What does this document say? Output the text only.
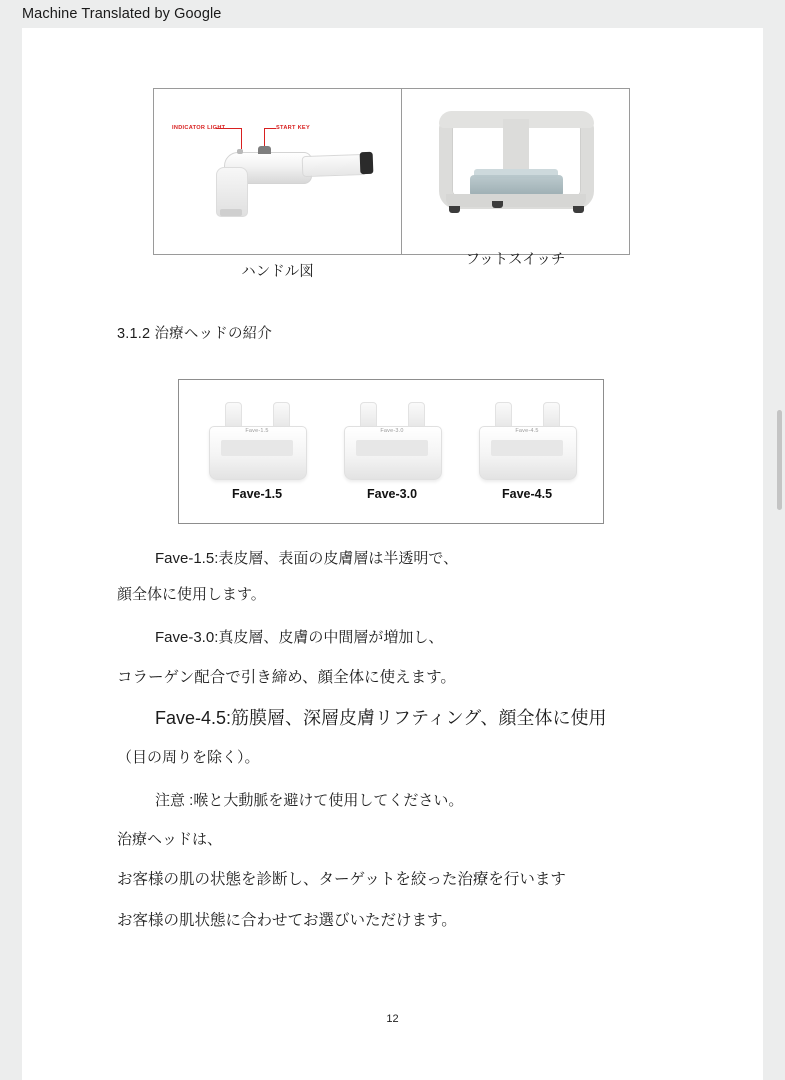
Machine Translated by Google
INDICATOR LIGHT	START KEY
ハンドル図
フットスイッチ
3.1.2 治療ヘッドの紹介
Fave-1.5	Fave-3.0	Fave-4.5
Fave-1.5	Fave-3.0	Fave-4.5
Fave-1.5:表皮層、表面の皮膚層は半透明で、
顔全体に使用します。
Fave-3.0:真皮層、皮膚の中間層が増加し、
コラーゲン配合で引き締め、顔全体に使えます。
Fave-4.5:筋膜層、深層皮膚リフティング、顔全体に使用
（目の周りを除く）。
注意 :喉と大動脈を避けて使用してください。
治療ヘッドは、
お客様の肌の状態を診断し、ターゲットを絞った治療を行います
お客様の肌状態に合わせてお選びいただけます。
12
